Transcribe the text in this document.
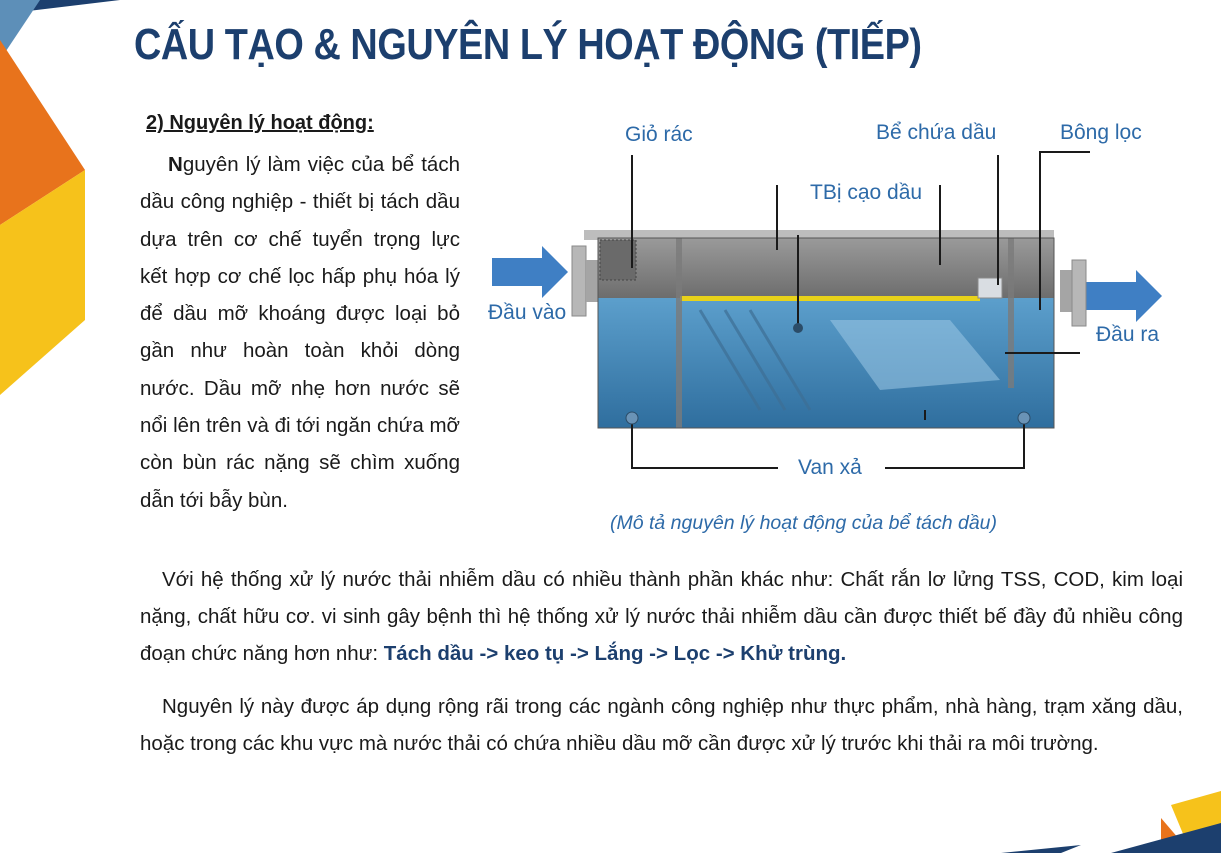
CẤU TẠO & NGUYÊN LÝ HOẠT ĐỘNG (TIẾP)

2) Nguyên lý hoạt động:

Nguyên lý làm việc của bể tách dầu công nghiệp - thiết bị tách dầu dựa trên cơ chế tuyển trọng lực kết hợp cơ chế lọc hấp phụ hóa lý để dầu mỡ khoáng được loại bỏ gần như hoàn toàn khỏi dòng nước. Dầu mỡ nhẹ hơn nước sẽ nổi lên trên và đi tới ngăn chứa mỡ còn bùn rác nặng sẽ chìm xuống dẫn tới bẫy bùn.

Giỏ rác	Bể chứa dầu	Bông lọc
TBị cạo dầu
Đầu vào
Đầu ra
Van xả

(Mô tả nguyên lý hoạt động của bể tách dầu)

Với hệ thống xử lý nước thải nhiễm dầu có nhiều thành phần khác như: Chất rắn lơ lửng TSS, COD, kim loại nặng, chất hữu cơ. vi sinh gây bệnh thì hệ thống xử lý nước thải nhiễm dầu cần được thiết bế đầy đủ nhiều công đoạn chức năng hơn như: Tách dầu -> keo tụ -> Lắng -> Lọc -> Khử trùng.

Nguyên lý này được áp dụng rộng rãi trong các ngành công nghiệp như thực phẩm, nhà hàng, trạm xăng dầu, hoặc trong các khu vực mà nước thải có chứa nhiều dầu mỡ cần được xử lý trước khi thải ra môi trường.
